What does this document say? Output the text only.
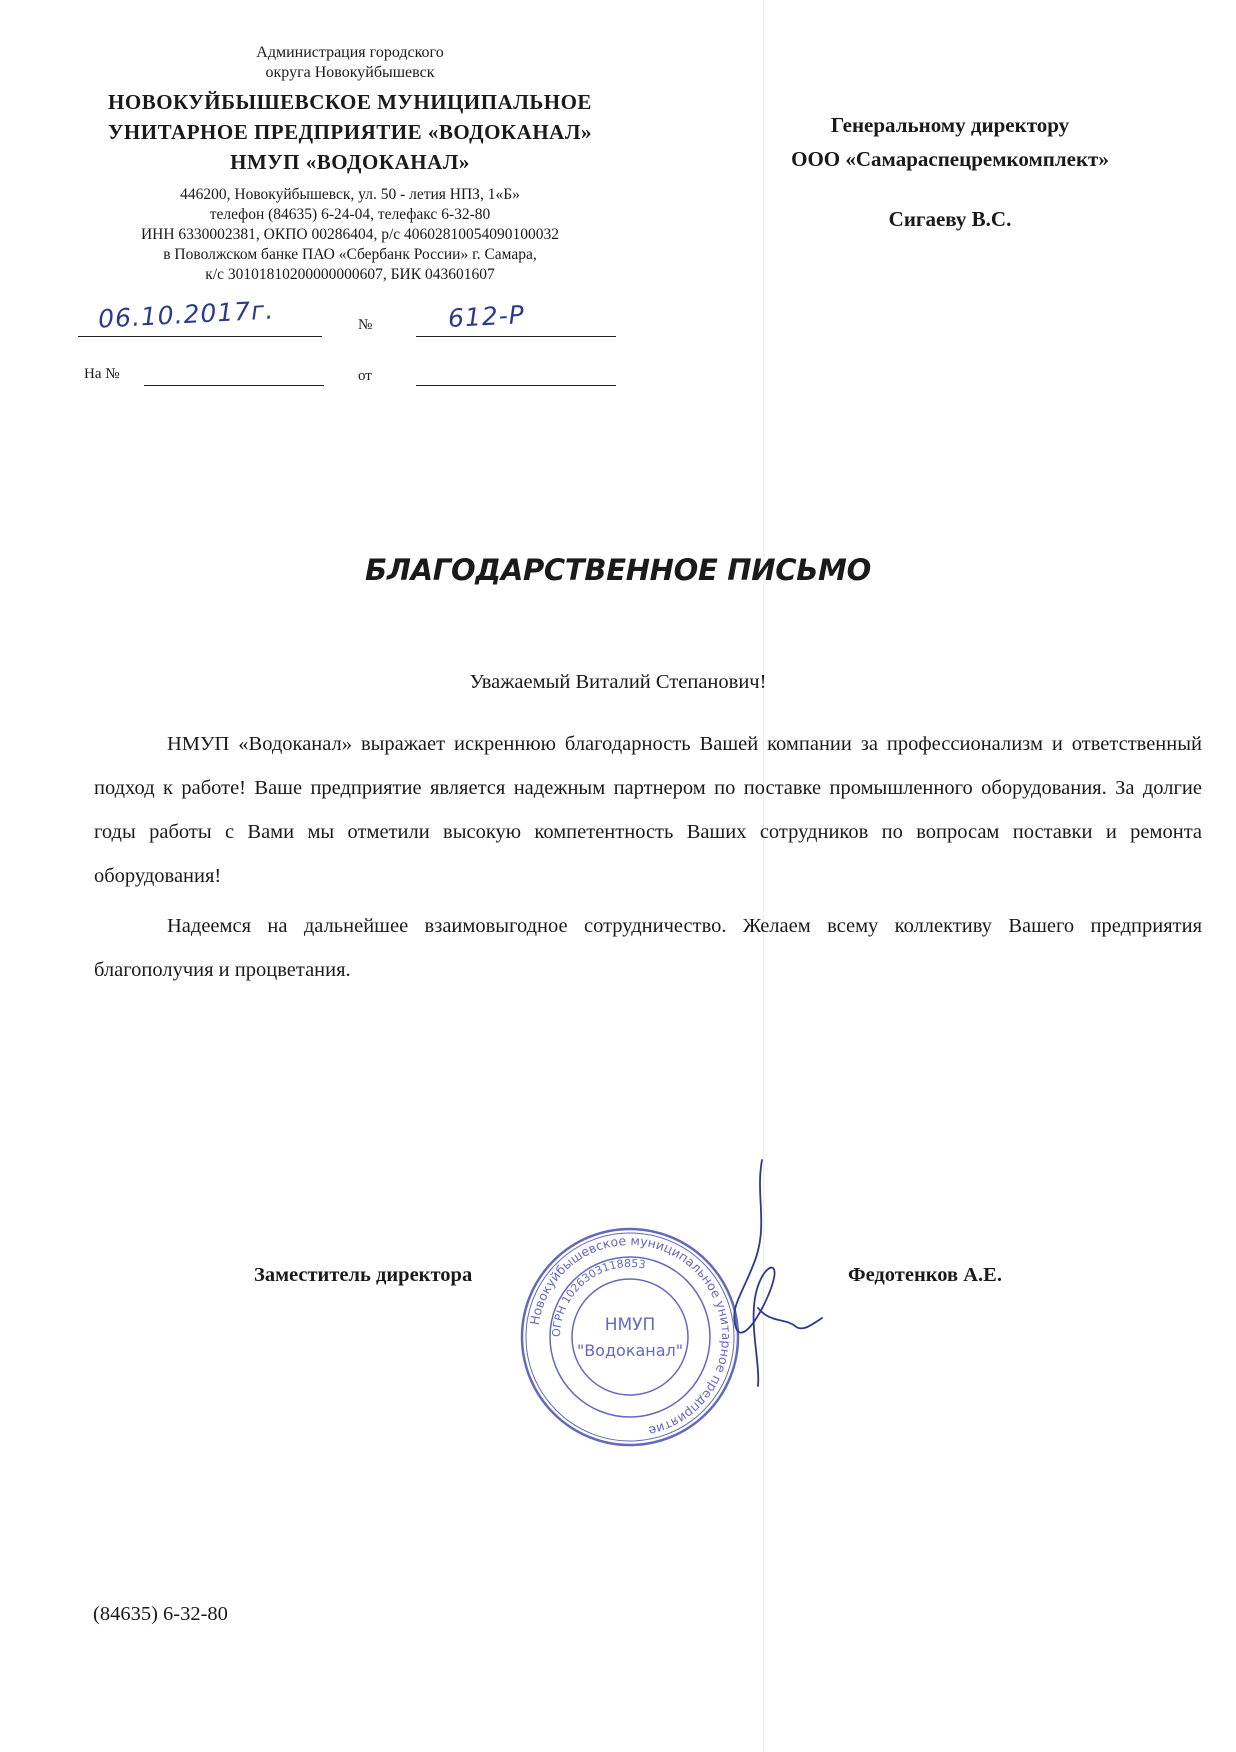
Администрация городского
округа Новокуйбышевск
НОВОКУЙБЫШЕВСКОЕ МУНИЦИПАЛЬНОЕ
УНИТАРНОЕ ПРЕДПРИЯТИЕ «ВОДОКАНАЛ»
НМУП «ВОДОКАНАЛ»
446200, Новокуйбышевск, ул. 50 - летия НПЗ, 1«Б»
телефон (84635) 6-24-04, телефакс 6-32-80
ИНН 6330002381, ОКПО 00286404, р/с 40602810054090100032
в Поволжском банке ПАО «Сбербанк России» г. Самара,
к/с 30101810200000000607, БИК 043601607
06.10.2017г.	№	612-Р
На №	от
Генеральному директору
ООО «Самараспецремкомплект»
Сигаеву В.С.
БЛАГОДАРСТВЕННОЕ ПИСЬМО
Уважаемый Виталий Степанович!

НМУП «Водоканал» выражает искреннюю благодарность Вашей компании за профессионализм и ответственный подход к работе! Ваше предприятие является надежным партнером по поставке промышленного оборудования. За долгие годы работы с Вами мы отметили высокую компетентность Ваших сотрудников по вопросам поставки и ремонта оборудования!

Надеемся на дальнейшее взаимовыгодное сотрудничество. Желаем всему коллективу Вашего предприятия благополучия и процветания.

Новокуйбышевское муниципальное унитарное предприятие
ОГРН 1026303118853
НМУП
"Водоканал"
Заместитель директора	Федотенков А.Е.
(84635) 6-32-80
